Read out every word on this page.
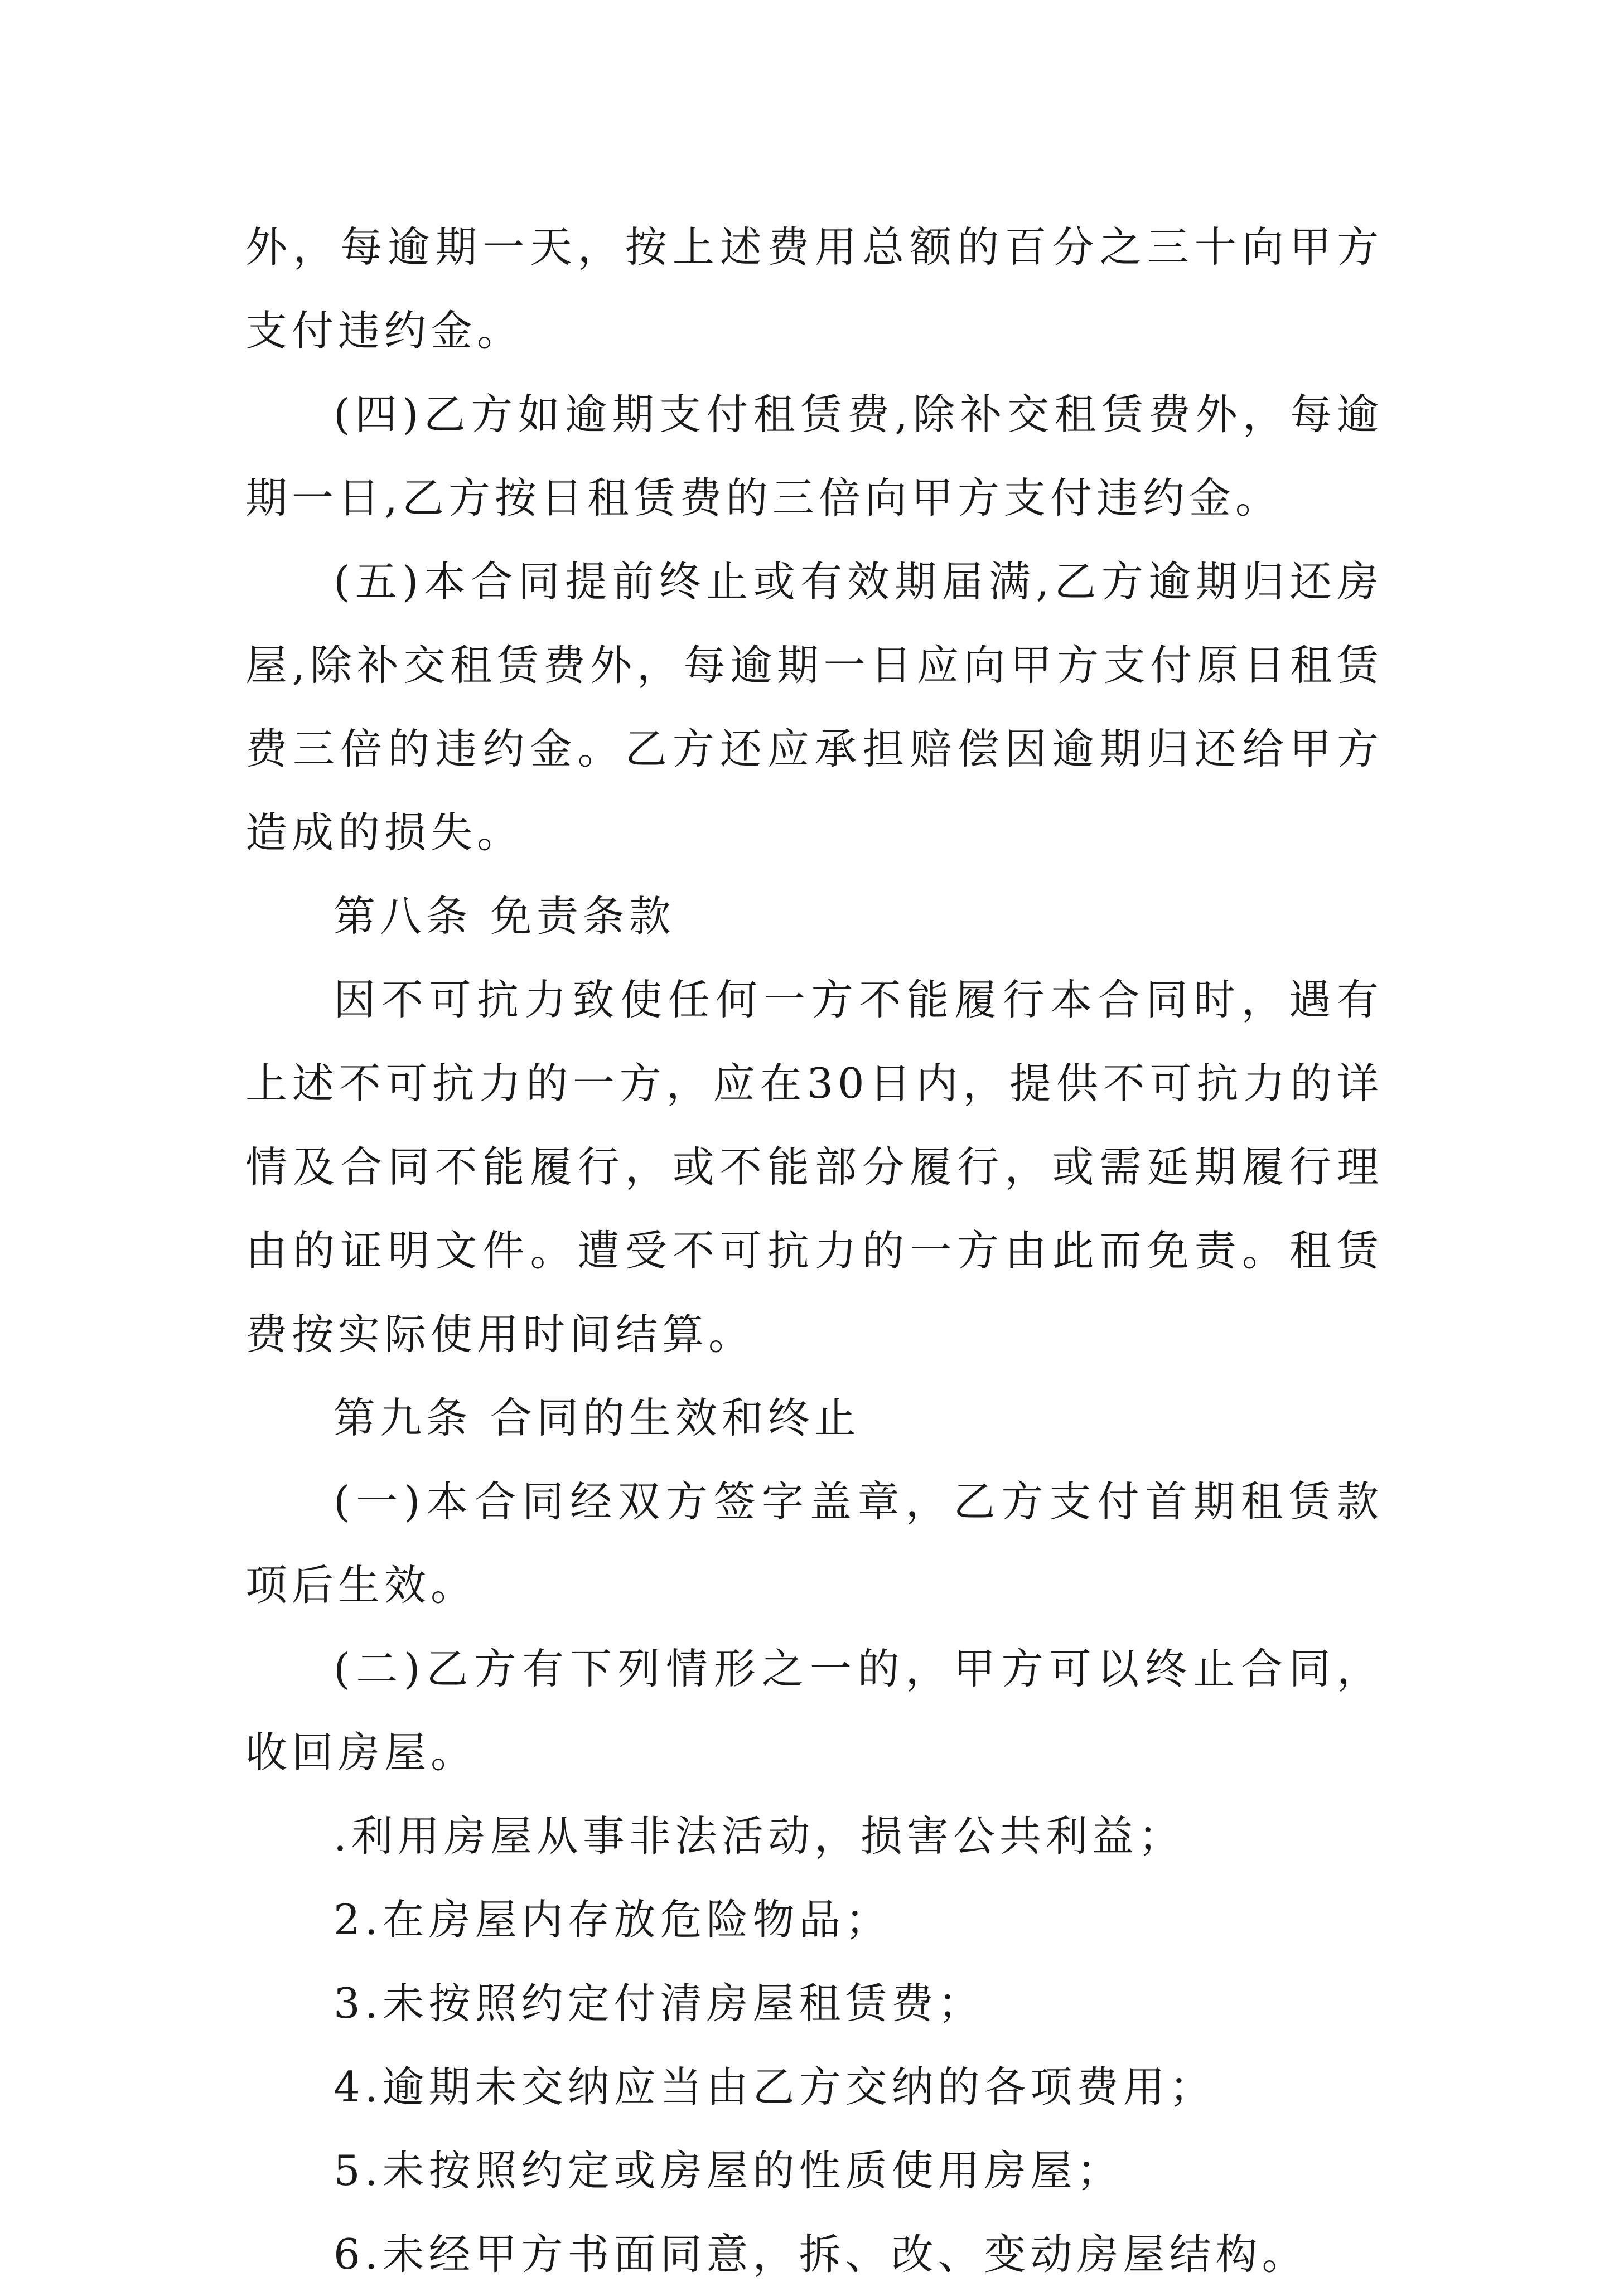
外，每逾期一天，按上述费用总额的百分之三十向甲方支付违约金。

(四)乙方如逾期支付租赁费,除补交租赁费外，每逾期一日,乙方按日租赁费的三倍向甲方支付违约金。

(五)本合同提前终止或有效期届满,乙方逾期归还房屋,除补交租赁费外，每逾期一日应向甲方支付原日租赁费三倍的违约金。乙方还应承担赔偿因逾期归还给甲方造成的损失。

第八条 免责条款

因不可抗力致使任何一方不能履行本合同时，遇有上述不可抗力的一方，应在30日内，提供不可抗力的详情及合同不能履行，或不能部分履行，或需延期履行理由的证明文件。遭受不可抗力的一方由此而免责。租赁费按实际使用时间结算。

第九条 合同的生效和终止

(一)本合同经双方签字盖章，乙方支付首期租赁款项后生效。

(二)乙方有下列情形之一的，甲方可以终止合同，收回房屋。

.利用房屋从事非法活动，损害公共利益；

2.在房屋内存放危险物品；

3.未按照约定付清房屋租赁费；

4.逾期未交纳应当由乙方交纳的各项费用；

5.未按照约定或房屋的性质使用房屋；

6.未经甲方书面同意，拆、改、变动房屋结构。
